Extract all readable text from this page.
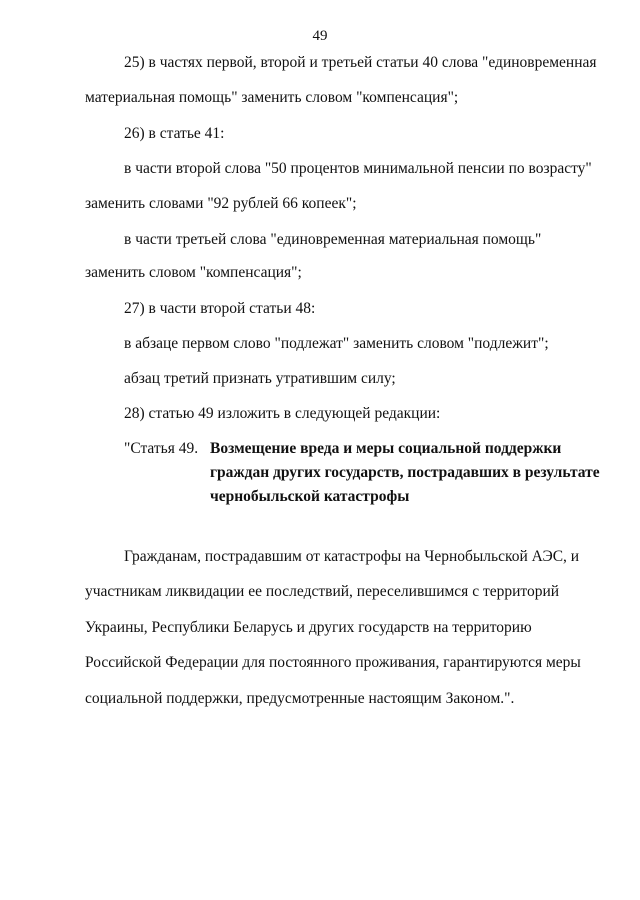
49
25) в частях первой, второй и третьей статьи 40 слова "единовременная
материальная помощь" заменить словом "компенсация";
26) в статье 41:
в части второй слова "50 процентов минимальной пенсии по возрасту"
заменить словами "92 рублей 66 копеек";
в части третьей слова "единовременная материальная помощь"
заменить словом "компенсация";
27) в части второй статьи 48:
в абзаце первом слово "подлежат" заменить словом "подлежит";
абзац третий признать утратившим силу;
28) статью 49 изложить в следующей редакции:
"Статья 49. Возмещение вреда и меры социальной поддержки
граждан других государств, пострадавших в результате
чернобыльской катастрофы
Гражданам, пострадавшим от катастрофы на Чернобыльской АЭС, и
участникам ликвидации ее последствий, переселившимся с территорий
Украины, Республики Беларусь и других государств на территорию
Российской Федерации для постоянного проживания, гарантируются меры
социальной поддержки, предусмотренные настоящим Законом.".
